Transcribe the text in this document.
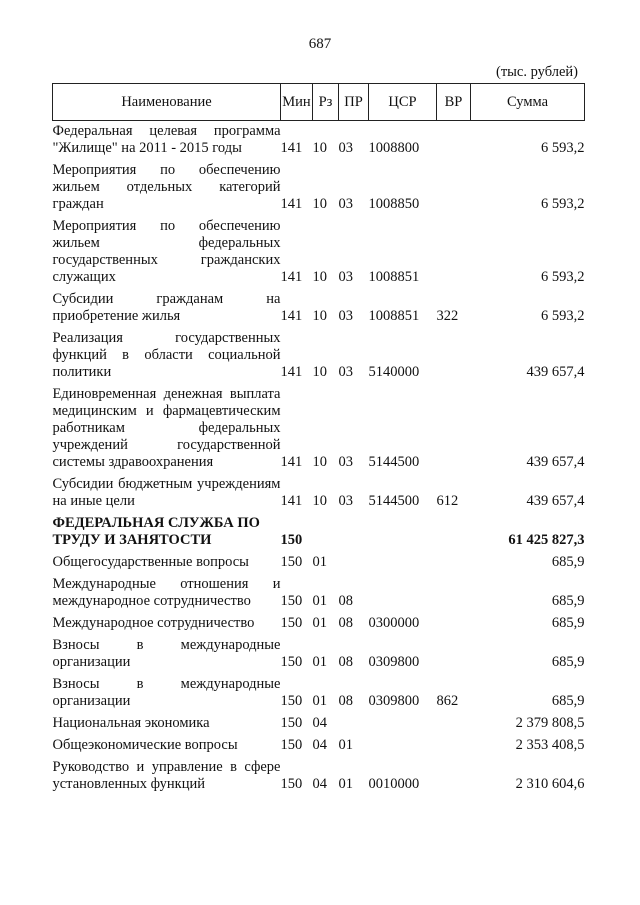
687
(тыс. рублей)
Наименование	Мин	Рз	ПР	ЦСР	ВР	Сумма
Федеральная целевая программа "Жилище" на 2011 - 2015 годы	141	10	03	1008800		6 593,2
Мероприятия по обеспечению жильем отдельных категорий граждан	141	10	03	1008850		6 593,2
Мероприятия по обеспечению жильем федеральных государственных гражданских служащих	141	10	03	1008851		6 593,2
Субсидии гражданам на приобретение жилья	141	10	03	1008851	322	6 593,2
Реализация государственных функций в области социальной политики	141	10	03	5140000		439 657,4
Единовременная денежная выплата медицинским и фармацевтическим работникам федеральных учреждений государственной системы здравоохранения	141	10	03	5144500		439 657,4
Субсидии бюджетным учреждениям на иные цели	141	10	03	5144500	612	439 657,4
ФЕДЕРАЛЬНАЯ СЛУЖБА ПО ТРУДУ И ЗАНЯТОСТИ	150					61 425 827,3
Общегосударственные вопросы	150	01				685,9
Международные отношения и международное сотрудничество	150	01	08			685,9
Международное сотрудничество	150	01	08	0300000		685,9
Взносы в международные организации	150	01	08	0309800		685,9
Взносы в международные организации	150	01	08	0309800	862	685,9
Национальная экономика	150	04				2 379 808,5
Общеэкономические вопросы	150	04	01			2 353 408,5
Руководство и управление в сфере установленных функций	150	04	01	0010000		2 310 604,6
